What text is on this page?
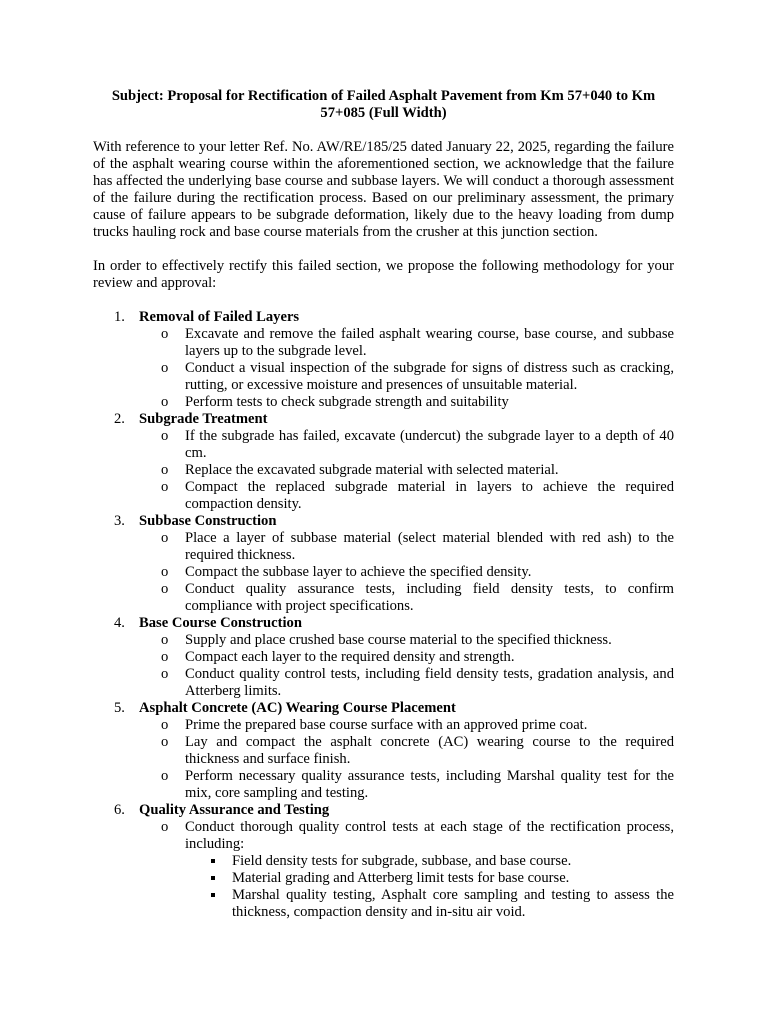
Subject: Proposal for Rectification of Failed Asphalt Pavement from Km 57+040 to Km 57+085 (Full Width)

With reference to your letter Ref. No. AW/RE/185/25 dated January 22, 2025, regarding the failure of the asphalt wearing course within the aforementioned section, we acknowledge that the failure has affected the underlying base course and subbase layers. We will conduct a thorough assessment of the failure during the rectification process. Based on our preliminary assessment, the primary cause of failure appears to be subgrade deformation, likely due to the heavy loading from dump trucks hauling rock and base course materials from the crusher at this junction section.

In order to effectively rectify this failed section, we propose the following methodology for your review and approval:

1. Removal of Failed Layers
o Excavate and remove the failed asphalt wearing course, base course, and subbase layers up to the subgrade level.
o Conduct a visual inspection of the subgrade for signs of distress such as cracking, rutting, or excessive moisture and presences of unsuitable material.
o Perform tests to check subgrade strength and suitability
2. Subgrade Treatment
o If the subgrade has failed, excavate (undercut) the subgrade layer to a depth of 40 cm.
o Replace the excavated subgrade material with selected material.
o Compact the replaced subgrade material in layers to achieve the required compaction density.
3. Subbase Construction
o Place a layer of subbase material (select material blended with red ash) to the required thickness.
o Compact the subbase layer to achieve the specified density.
o Conduct quality assurance tests, including field density tests, to confirm compliance with project specifications.
4. Base Course Construction
o Supply and place crushed base course material to the specified thickness.
o Compact each layer to the required density and strength.
o Conduct quality control tests, including field density tests, gradation analysis, and Atterberg limits.
5. Asphalt Concrete (AC) Wearing Course Placement
o Prime the prepared base course surface with an approved prime coat.
o Lay and compact the asphalt concrete (AC) wearing course to the required thickness and surface finish.
o Perform necessary quality assurance tests, including Marshal quality test for the mix, core sampling and testing.
6. Quality Assurance and Testing
o Conduct thorough quality control tests at each stage of the rectification process, including:
Field density tests for subgrade, subbase, and base course.
Material grading and Atterberg limit tests for base course.
Marshal quality testing, Asphalt core sampling and testing to assess the thickness, compaction density and in-situ air void.
